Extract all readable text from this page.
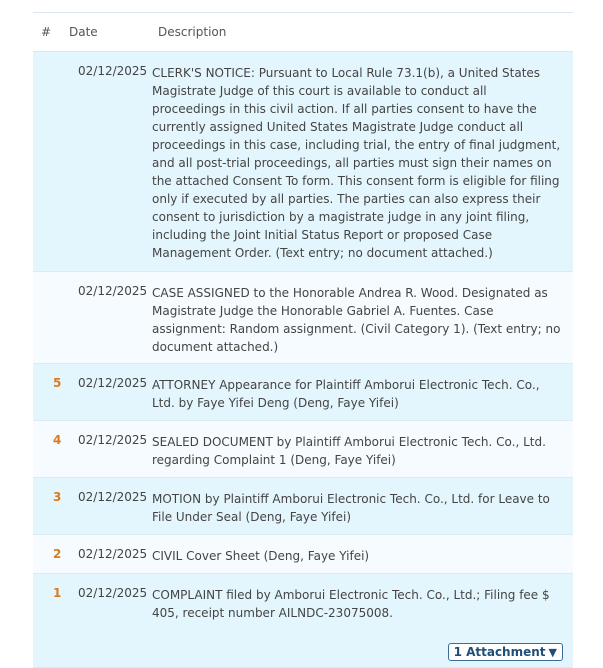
# Date	Description
02/12/2025 CLERK'S NOTICE: Pursuant to Local Rule 73.1(b), a United States Magistrate Judge of this court is available to conduct all proceedings in this civil action. If all parties consent to have the currently assigned United States Magistrate Judge conduct all proceedings in this case, including trial, the entry of final judgment, and all post-trial proceedings, all parties must sign their names on the attached Consent To form. This consent form is eligible for filing only if executed by all parties. The parties can also express their consent to jurisdiction by a magistrate judge in any joint filing, including the Joint Initial Status Report or proposed Case Management Order. (Text entry; no document attached.)
02/12/2025 CASE ASSIGNED to the Honorable Andrea R. Wood. Designated as Magistrate Judge the Honorable Gabriel A. Fuentes. Case assignment: Random assignment. (Civil Category 1). (Text entry; no document attached.)
5 02/12/2025 ATTORNEY Appearance for Plaintiff Amborui Electronic Tech. Co., Ltd. by Faye Yifei Deng (Deng, Faye Yifei)
4 02/12/2025 SEALED DOCUMENT by Plaintiff Amborui Electronic Tech. Co., Ltd. regarding Complaint 1 (Deng, Faye Yifei)
3 02/12/2025 MOTION by Plaintiff Amborui Electronic Tech. Co., Ltd. for Leave to File Under Seal (Deng, Faye Yifei)
2 02/12/2025 CIVIL Cover Sheet (Deng, Faye Yifei)
1 02/12/2025 COMPLAINT filed by Amborui Electronic Tech. Co., Ltd.; Filing fee $ 405, receipt number AILNDC-23075008.
1 Attachment ▼
